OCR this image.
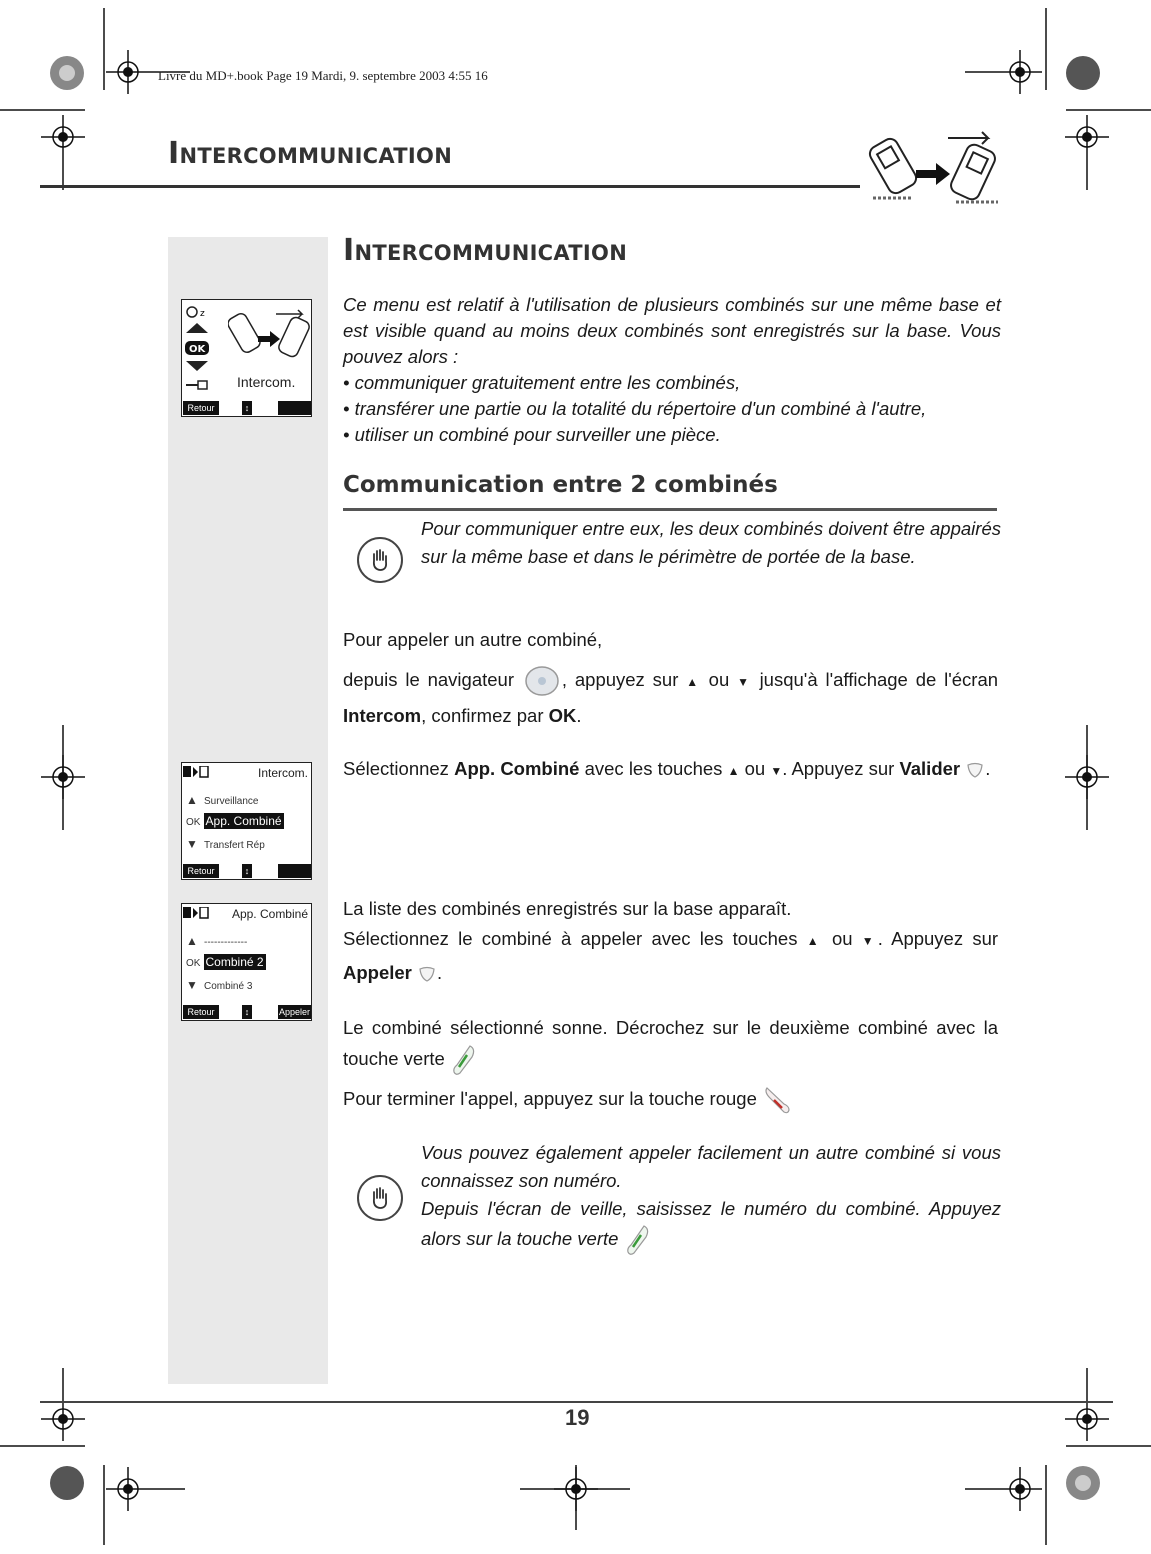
Livre du MD+.book Page 19 Mardi, 9. septembre 2003 4:55 16
Intercommunication
z
OK
Intercom.
Retour	↕
Intercom.
▲ Surveillance
OK App. Combiné
▼ Transfert Rép
Retour	↕
App. Combiné
▲ -------------
OK Combiné 2
▼ Combiné 3
Retour	↕	Appeler
Intercommunication

Ce menu est relatif à l'utilisation de plusieurs combinés sur une même base et est visible quand au moins deux combinés sont enregistrés sur la base. Vous pouvez alors :

• communiquer gratuitement entre les combinés,
• transférer une partie ou la totalité du répertoire d'un combiné à l'autre,
• utiliser un combiné pour surveiller une pièce.
Communication entre 2 combinés

Pour communiquer entre eux, les deux combinés doivent être appairés sur la même base et dans le périmètre de portée de la base.

Pour appeler un autre combiné,

depuis le navigateur	, appuyez sur ▲ ou ▼ jusqu'à l'affichage de l'écran Intercom, confirmez par OK.
Sélectionnez App. Combiné avec les touches ▲ ou ▼. Appuyez sur Valider .

La liste des combinés enregistrés sur la base apparaît.

Sélectionnez le combiné à appeler avec les touches ▲ ou ▼. Appuyez sur Appeler .

Le combiné sélectionné sonne. Décrochez sur le deuxième combiné avec la touche verte
Pour terminer l'appel, appuyez sur la touche rouge

Vous pouvez également appeler facilement un autre combiné si vous connaissez son numéro.

Depuis l'écran de veille, saisissez le numéro du combiné. Appuyez alors sur la touche verte

19
